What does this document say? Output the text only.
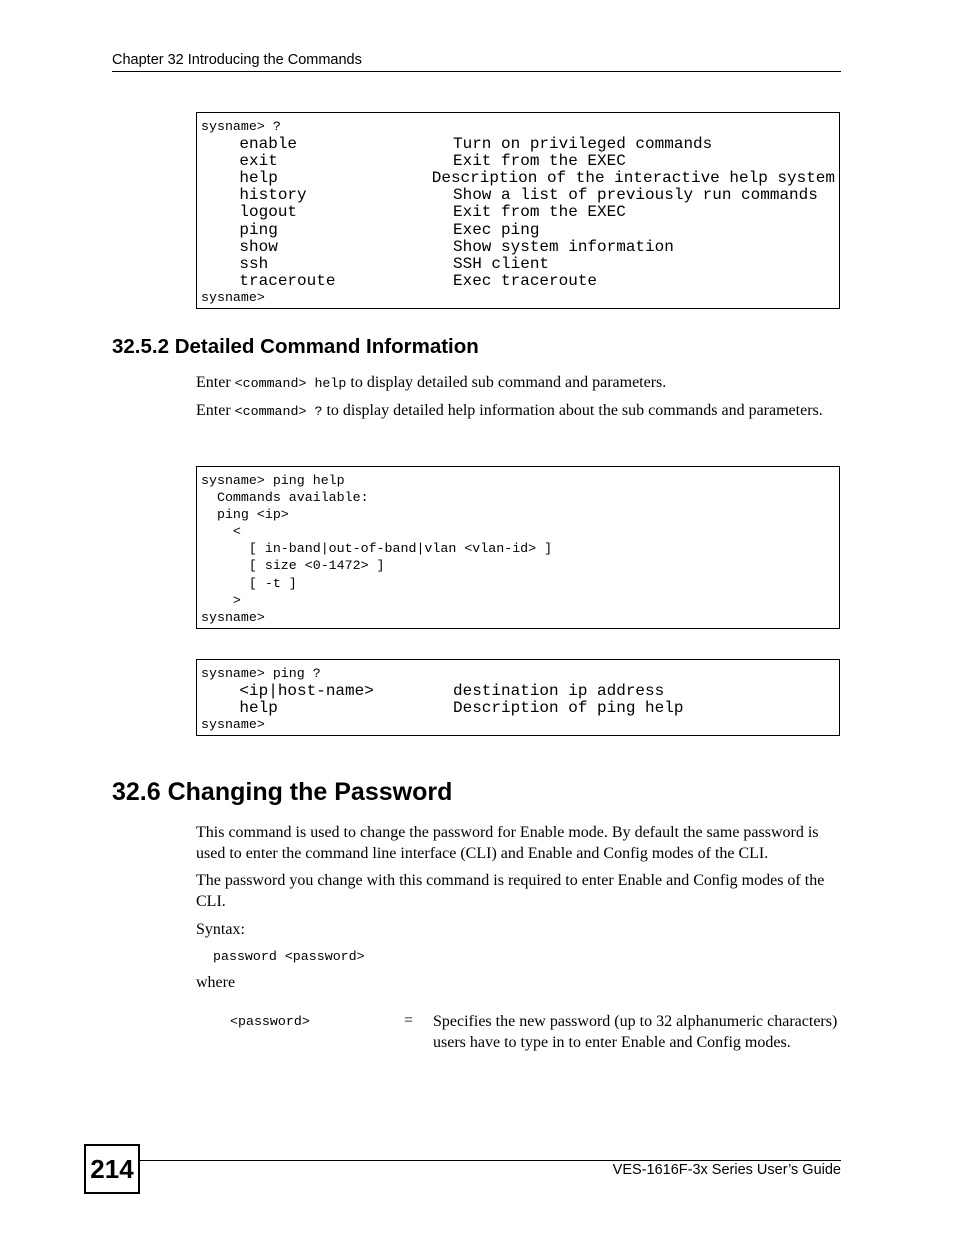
Chapter 32 Introducing the Commands
sysname> ?
enable	Turn on privileged commands
exit	Exit from the EXEC
help	Description of the interactive help system
history	Show a list of previously run commands
logout	Exit from the EXEC
ping	Exec ping
show	Show system information
ssh	SSH client
traceroute	Exec traceroute
sysname>
32.5.2 Detailed Command Information
Enter <command> help to display detailed sub command and parameters.
Enter <command> ? to display detailed help information about the sub commands and parameters.
sysname> ping help
Commands available:
ping <ip>
<
[ in-band|out-of-band|vlan <vlan-id> ]
[ size <0-1472> ]
[ -t ]
>
sysname>
sysname> ping ?
<ip|host-name>	destination ip address
help	Description of ping help
sysname>
32.6 Changing the Password
This command is used to change the password for Enable mode. By default the same password is used to enter the command line interface (CLI) and Enable and Config modes of the CLI.
The password you change with this command is required to enter Enable and Config modes of the CLI.
Syntax:
password <password>
where
<password>	= Specifies the new password (up to 32 alphanumeric characters) users have to type in to enter Enable and Config modes.
214	VES-1616F-3x Series User’s Guide
